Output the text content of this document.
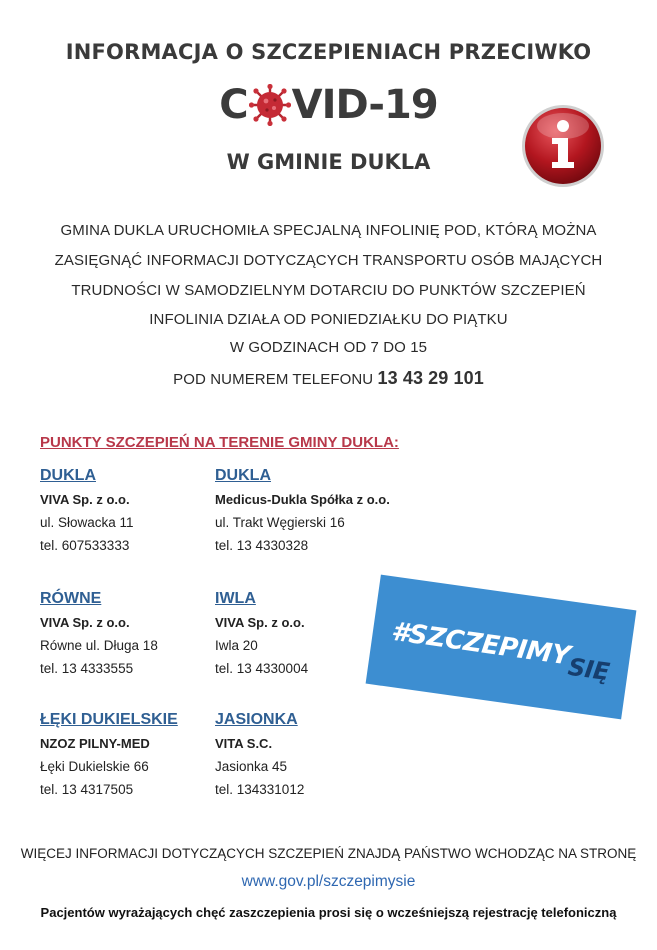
INFORMACJA O SZCZEPIENIACH PRZECIWKO
C VID-19
W GMINIE DUKLA
GMINA DUKLA URUCHOMIŁA SPECJALNĄ INFOLINIĘ POD, KTÓRĄ MOŻNA
ZASIĘGNĄĆ INFORMACJI DOTYCZĄCYCH TRANSPORTU OSÓB MAJĄCYCH
TRUDNOŚCI W SAMODZIELNYM DOTARCIU DO PUNKTÓW SZCZEPIEŃ
INFOLINIA DZIAŁA OD PONIEDZIAŁKU DO PIĄTKU
W GODZINACH OD 7 DO 15
POD NUMEREM TELEFONU 13 43 29 101
PUNKTY SZCZEPIEŃ NA TERENIE GMINY DUKLA:
DUKLA
VIVA Sp. z o.o.
ul. Słowacka 11
tel. 607533333
DUKLA
Medicus-Dukla Spółka z o.o.
ul. Trakt Węgierski 16
tel. 13 4330328
RÓWNE
VIVA Sp. z o.o.
Równe ul. Długa 18
tel. 13 4333555
IWLA
VIVA Sp. z o.o.
Iwla 20
tel. 13 4330004
ŁĘKI DUKIELSKIE
NZOZ PILNY-MED
Łęki Dukielskie 66
tel. 13 4317505
JASIONKA
VITA S.C.
Jasionka 45
tel. 134331012
#SZCZEPIMYSIĘ
WIĘCEJ INFORMACJI DOTYCZĄCYCH SZCZEPIEŃ ZNAJDĄ PAŃSTWO WCHODZĄC NA STRONĘ
www.gov.pl/szczepimysie
Pacjentów wyrażających chęć zaszczepienia prosi się o wcześniejszą rejestrację telefoniczną
